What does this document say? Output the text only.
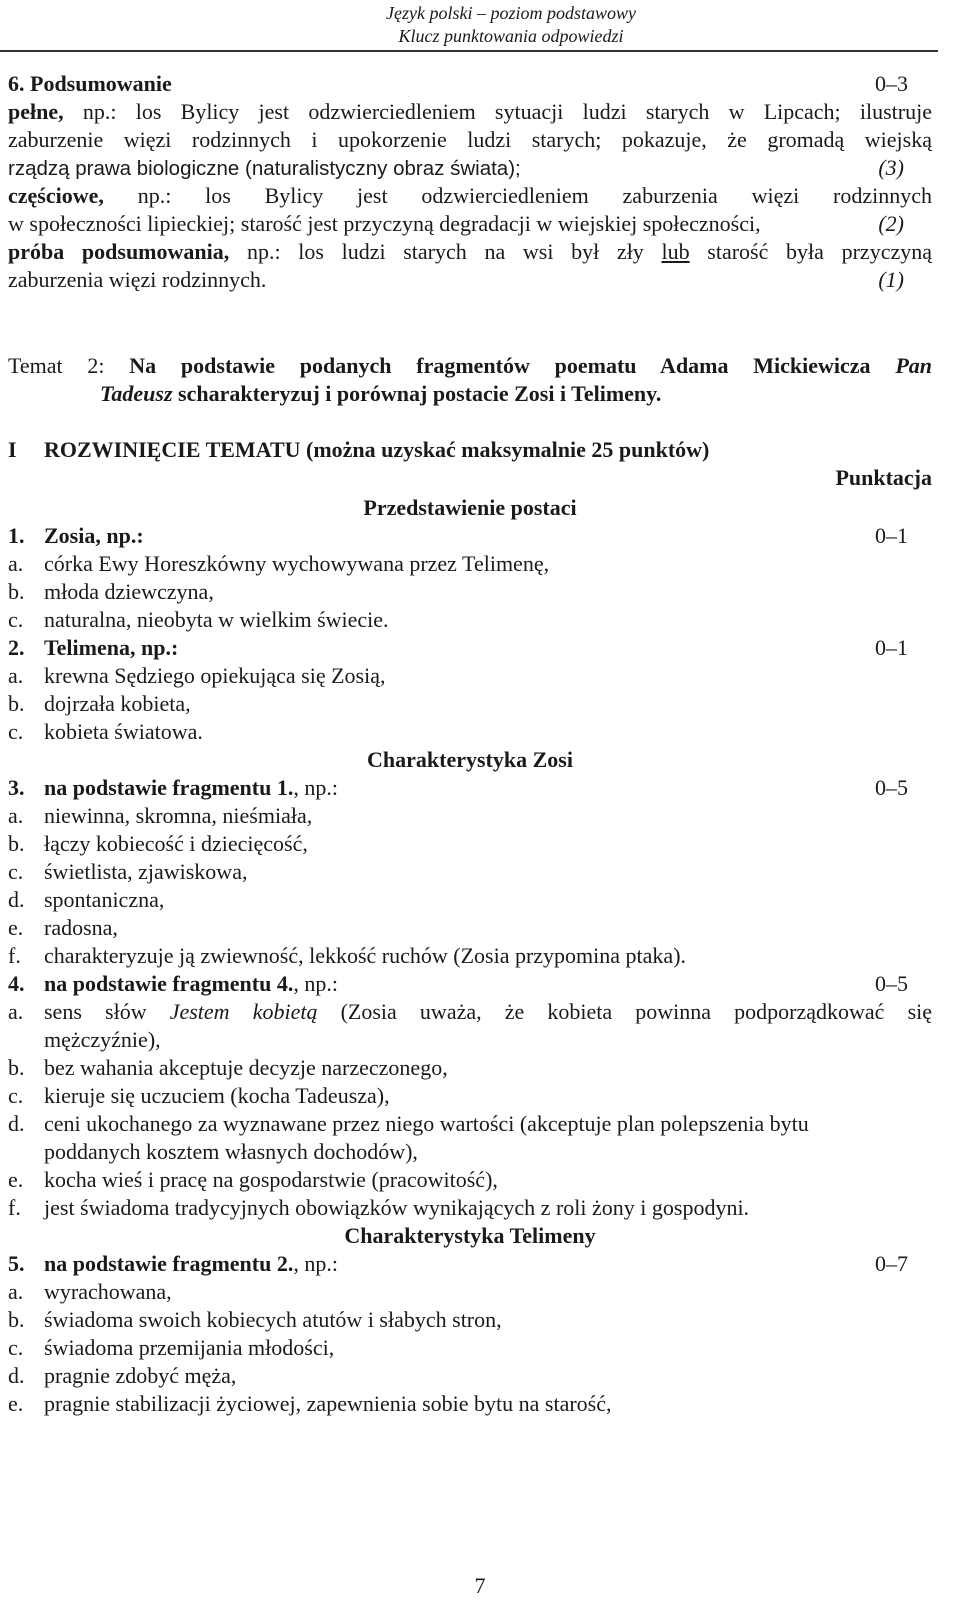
Język polski – poziom podstawowy
Klucz punktowania odpowiedzi
6. Podsumowanie	0–3
pełne, np.: los Bylicy jest odzwierciedleniem sytuacji ludzi starych w Lipcach; ilustruje
zaburzenie więzi rodzinnych i upokorzenie ludzi starych; pokazuje, że gromadą wiejską
rządzą prawa biologiczne (naturalistyczny obraz świata);	(3)
częściowe, np.: los Bylicy jest odzwierciedleniem zaburzenia więzi rodzinnych
w społeczności lipieckiej; starość jest przyczyną degradacji w wiejskiej społeczności,	(2)
próba podsumowania, np.: los ludzi starych na wsi był zły lub starość była przyczyną
zaburzenia więzi rodzinnych.	(1)
Temat 2: Na podstawie podanych fragmentów poematu Adama Mickiewicza Pan
Tadeusz scharakteryzuj i porównaj postacie Zosi i Telimeny.
I ROZWINIĘCIE TEMATU (można uzyskać maksymalnie 25 punktów)
Punktacja
Przedstawienie postaci
1. Zosia, np.:	0–1
a. córka Ewy Horeszkówny wychowywana przez Telimenę,
b. młoda dziewczyna,
c. naturalna, nieobyta w wielkim świecie.
2. Telimena, np.:	0–1
a. krewna Sędziego opiekująca się Zosią,
b. dojrzała kobieta,
c. kobieta światowa.
Charakterystyka Zosi
3. na podstawie fragmentu 1., np.:	0–5
a. niewinna, skromna, nieśmiała,
b. łączy kobiecość i dziecięcość,
c. świetlista, zjawiskowa,
d. spontaniczna,
e. radosna,
f. charakteryzuje ją zwiewność, lekkość ruchów (Zosia przypomina ptaka).
4. na podstawie fragmentu 4., np.:	0–5
a. sens słów Jestem kobietą (Zosia uważa, że kobieta powinna podporządkować się
mężczyźnie),
b. bez wahania akceptuje decyzje narzeczonego,
c. kieruje się uczuciem (kocha Tadeusza),
d. ceni ukochanego za wyznawane przez niego wartości (akceptuje plan polepszenia bytu
poddanych kosztem własnych dochodów),
e. kocha wieś i pracę na gospodarstwie (pracowitość),
f. jest świadoma tradycyjnych obowiązków wynikających z roli żony i gospodyni.
Charakterystyka Telimeny
5. na podstawie fragmentu 2., np.:	0–7
a. wyrachowana,
b. świadoma swoich kobiecych atutów i słabych stron,
c. świadoma przemijania młodości,
d. pragnie zdobyć męża,
e. pragnie stabilizacji życiowej, zapewnienia sobie bytu na starość,
7
